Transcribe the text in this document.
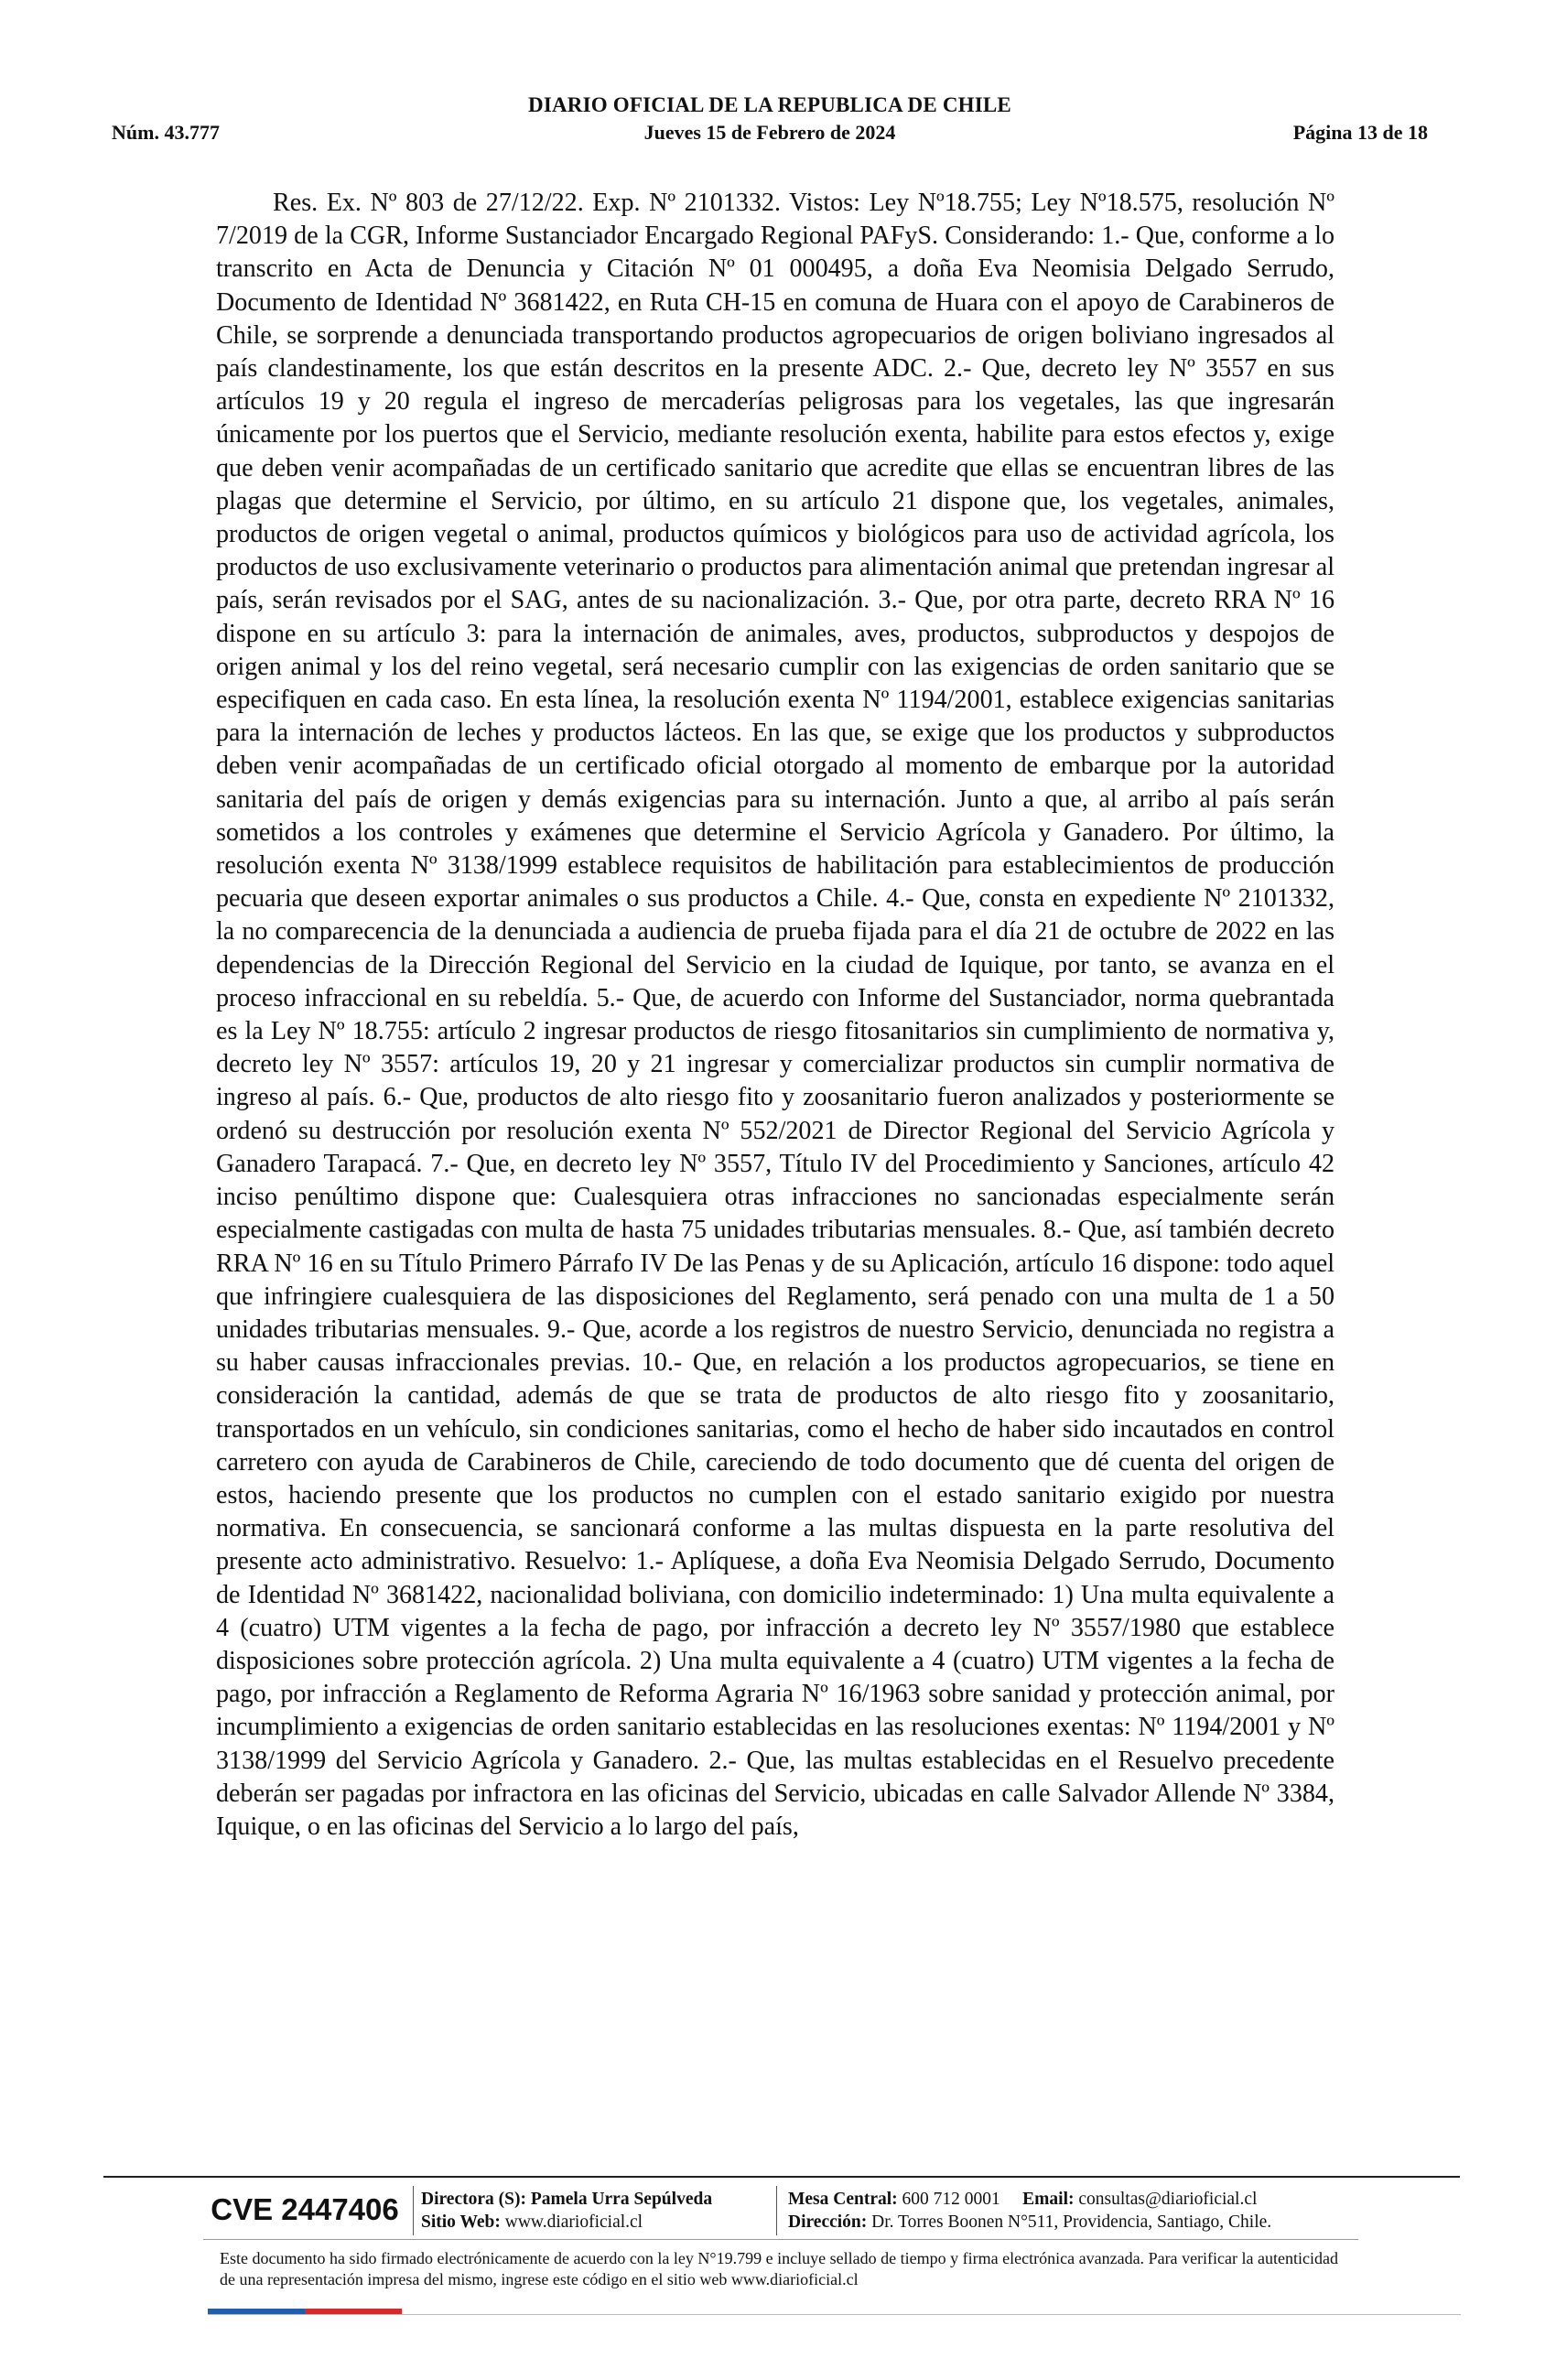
DIARIO OFICIAL DE LA REPUBLICA DE CHILE
Núm. 43.777	Jueves 15 de Febrero de 2024	Página 13 de 18

Res. Ex. Nº 803 de 27/12/22. Exp. Nº 2101332. Vistos: Ley Nº18.755; Ley Nº18.575, resolución Nº 7/2019 de la CGR, Informe Sustanciador Encargado Regional PAFyS. Considerando: 1.- Que, conforme a lo transcrito en Acta de Denuncia y Citación Nº 01 000495, a doña Eva Neomisia Delgado Serrudo, Documento de Identidad Nº 3681422, en Ruta CH-15 en comuna de Huara con el apoyo de Carabineros de Chile, se sorprende a denunciada transportando productos agropecuarios de origen boliviano ingresados al país clandestinamente, los que están descritos en la presente ADC. 2.- Que, decreto ley Nº 3557 en sus artículos 19 y 20 regula el ingreso de mercaderías peligrosas para los vegetales, las que ingresarán únicamente por los puertos que el Servicio, mediante resolución exenta, habilite para estos efectos y, exige que deben venir acompañadas de un certificado sanitario que acredite que ellas se encuentran libres de las plagas que determine el Servicio, por último, en su artículo 21 dispone que, los vegetales, animales, productos de origen vegetal o animal, productos químicos y biológicos para uso de actividad agrícola, los productos de uso exclusivamente veterinario o productos para alimentación animal que pretendan ingresar al país, serán revisados por el SAG, antes de su nacionalización. 3.- Que, por otra parte, decreto RRA Nº 16 dispone en su artículo 3: para la internación de animales, aves, productos, subproductos y despojos de origen animal y los del reino vegetal, será necesario cumplir con las exigencias de orden sanitario que se especifiquen en cada caso. En esta línea, la resolución exenta Nº 1194/2001, establece exigencias sanitarias para la internación de leches y productos lácteos. En las que, se exige que los productos y subproductos deben venir acompañadas de un certificado oficial otorgado al momento de embarque por la autoridad sanitaria del país de origen y demás exigencias para su internación. Junto a que, al arribo al país serán sometidos a los controles y exámenes que determine el Servicio Agrícola y Ganadero. Por último, la resolución exenta Nº 3138/1999 establece requisitos de habilitación para establecimientos de producción pecuaria que deseen exportar animales o sus productos a Chile. 4.- Que, consta en expediente Nº 2101332, la no comparecencia de la denunciada a audiencia de prueba fijada para el día 21 de octubre de 2022 en las dependencias de la Dirección Regional del Servicio en la ciudad de Iquique, por tanto, se avanza en el proceso infraccional en su rebeldía. 5.- Que, de acuerdo con Informe del Sustanciador, norma quebrantada es la Ley Nº 18.755: artículo 2 ingresar productos de riesgo fitosanitarios sin cumplimiento de normativa y, decreto ley Nº 3557: artículos 19, 20 y 21 ingresar y comercializar productos sin cumplir normativa de ingreso al país. 6.- Que, productos de alto riesgo fito y zoosanitario fueron analizados y posteriormente se ordenó su destrucción por resolución exenta Nº 552/2021 de Director Regional del Servicio Agrícola y Ganadero Tarapacá. 7.- Que, en decreto ley Nº 3557, Título IV del Procedimiento y Sanciones, artículo 42 inciso penúltimo dispone que: Cualesquiera otras infracciones no sancionadas especialmente serán especialmente castigadas con multa de hasta 75 unidades tributarias mensuales. 8.- Que, así también decreto RRA Nº 16 en su Título Primero Párrafo IV De las Penas y de su Aplicación, artículo 16 dispone: todo aquel que infringiere cualesquiera de las disposiciones del Reglamento, será penado con una multa de 1 a 50 unidades tributarias mensuales. 9.- Que, acorde a los registros de nuestro Servicio, denunciada no registra a su haber causas infraccionales previas. 10.- Que, en relación a los productos agropecuarios, se tiene en consideración la cantidad, además de que se trata de productos de alto riesgo fito y zoosanitario, transportados en un vehículo, sin condiciones sanitarias, como el hecho de haber sido incautados en control carretero con ayuda de Carabineros de Chile, careciendo de todo documento que dé cuenta del origen de estos, haciendo presente que los productos no cumplen con el estado sanitario exigido por nuestra normativa. En consecuencia, se sancionará conforme a las multas dispuesta en la parte resolutiva del presente acto administrativo. Resuelvo: 1.- Aplíquese, a doña Eva Neomisia Delgado Serrudo, Documento de Identidad Nº 3681422, nacionalidad boliviana, con domicilio indeterminado: 1) Una multa equivalente a 4 (cuatro) UTM vigentes a la fecha de pago, por infracción a decreto ley Nº 3557/1980 que establece disposiciones sobre protección agrícola. 2) Una multa equivalente a 4 (cuatro) UTM vigentes a la fecha de pago, por infracción a Reglamento de Reforma Agraria Nº 16/1963 sobre sanidad y protección animal, por incumplimiento a exigencias de orden sanitario establecidas en las resoluciones exentas: Nº 1194/2001 y Nº 3138/1999 del Servicio Agrícola y Ganadero. 2.- Que, las multas establecidas en el Resuelvo precedente deberán ser pagadas por infractora en las oficinas del Servicio, ubicadas en calle Salvador Allende Nº 3384, Iquique, o en las oficinas del Servicio a lo largo del país,

CVE 2447406	Directora (S): Pamela Urra Sepúlveda
Sitio Web: www.diarioficial.cl
Mesa Central: 600 712 0001 Email: consultas@diarioficial.cl
Dirección: Dr. Torres Boonen N°511, Providencia, Santiago, Chile.
Este documento ha sido firmado electrónicamente de acuerdo con la ley N°19.799 e incluye sellado de tiempo y firma electrónica avanzada. Para verificar la autenticidad de una representación impresa del mismo, ingrese este código en el sitio web www.diarioficial.cl
